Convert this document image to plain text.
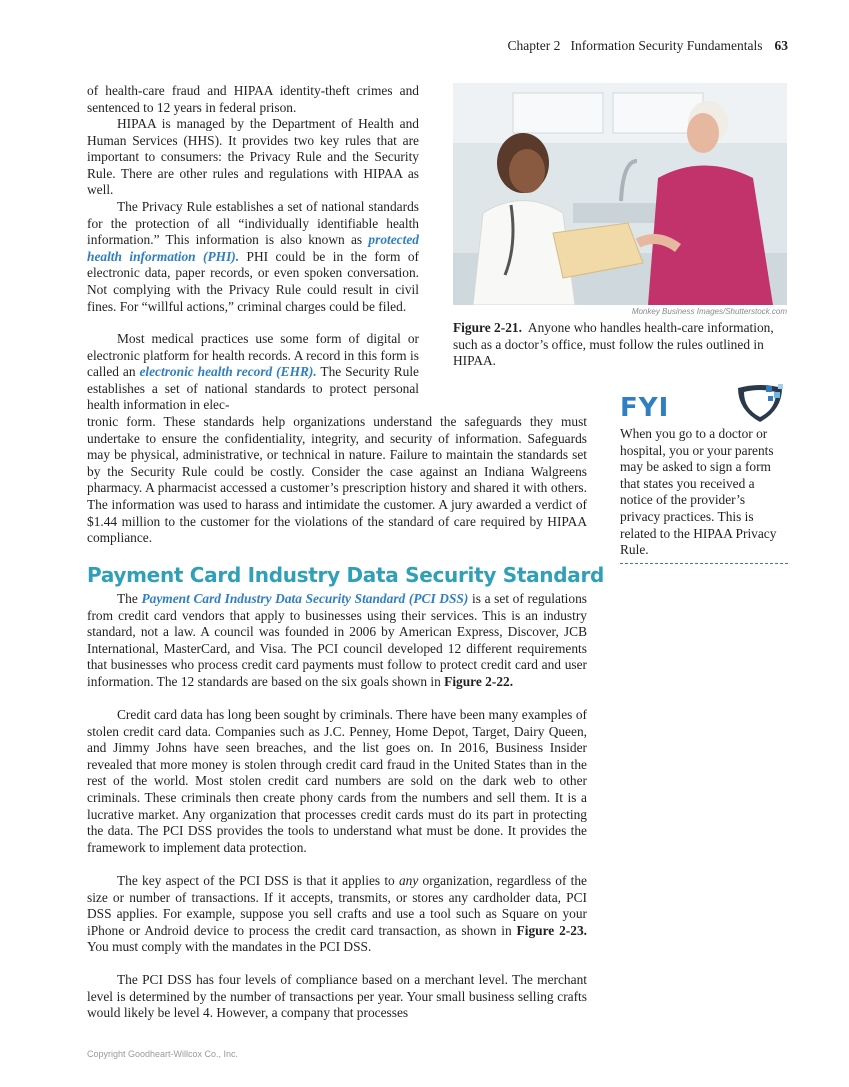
Chapter 2 Information Security Fundamentals 63

of health-care fraud and HIPAA identity-theft crimes and sentenced to 12 years in federal prison.

HIPAA is managed by the Department of Health and Human Services (HHS). It provides two key rules that are important to consumers: the Privacy Rule and the Security Rule. There are other rules and regulations with HIPAA as well.

The Privacy Rule establishes a set of national standards for the protection of all “individually identifiable health information.” This information is also known as protected health information (PHI). PHI could be in the form of electronic data, paper records, or even spoken conversation. Not complying with the Privacy Rule could result in civil fines. For “willful actions,” criminal charges could be filed.

Most medical practices use some form of digital or electronic platform for health records. A record in this form is called an electronic health record (EHR). The Security Rule establishes a set of national standards to protect personal health information in elec-

tronic form. These standards help organizations understand the safeguards they must undertake to ensure the confidentiality, integrity, and security of information. Safeguards may be physical, administrative, or technical in nature. Failure to maintain the standards set by the Security Rule could be costly. Consider the case against an Indiana Walgreens pharmacy. A pharmacist accessed a customer’s prescription history and shared it with others. The information was used to harass and intimidate the customer. A jury awarded a verdict of $1.44 million to the customer for the violations of the standard of care required by HIPAA compliance.

Monkey Business Images/Shutterstock.com

Figure 2-21. Anyone who handles health-care information, such as a doctor’s office, must follow the rules outlined in HIPAA.

FYI

When you go to a doctor or hospital, you or your parents may be asked to sign a form that states you received a notice of the provider’s privacy practices. This is related to the HIPAA Privacy Rule.

Payment Card Industry Data Security Standard

The Payment Card Industry Data Security Standard (PCI DSS) is a set of regulations from credit card vendors that apply to businesses using their services. This is an industry standard, not a law. A council was founded in 2006 by American Express, Discover, JCB International, MasterCard, and Visa. The PCI council developed 12 different requirements that businesses who process credit card payments must follow to protect credit card and user information. The 12 standards are based on the six goals shown in Figure 2-22.

Credit card data has long been sought by criminals. There have been many examples of stolen credit card data. Companies such as J.C. Penney, Home Depot, Target, Dairy Queen, and Jimmy Johns have seen breaches, and the list goes on. In 2016, Business Insider revealed that more money is stolen through credit card fraud in the United States than in the rest of the world. Most stolen credit card numbers are sold on the dark web to other criminals. These criminals then create phony cards from the numbers and sell them. It is a lucrative market. Any organization that processes credit cards must do its part in protecting the data. The PCI DSS provides the tools to understand what must be done. It provides the framework to implement data protection.

The key aspect of the PCI DSS is that it applies to any organization, regardless of the size or number of transactions. If it accepts, transmits, or stores any cardholder data, PCI DSS applies. For example, suppose you sell crafts and use a tool such as Square on your iPhone or Android device to process the credit card transaction, as shown in Figure 2-23. You must comply with the mandates in the PCI DSS.

The PCI DSS has four levels of compliance based on a merchant level. The merchant level is determined by the number of transactions per year. Your small business selling crafts would likely be level 4. However, a company that processes

Copyright Goodheart-Willcox Co., Inc.
